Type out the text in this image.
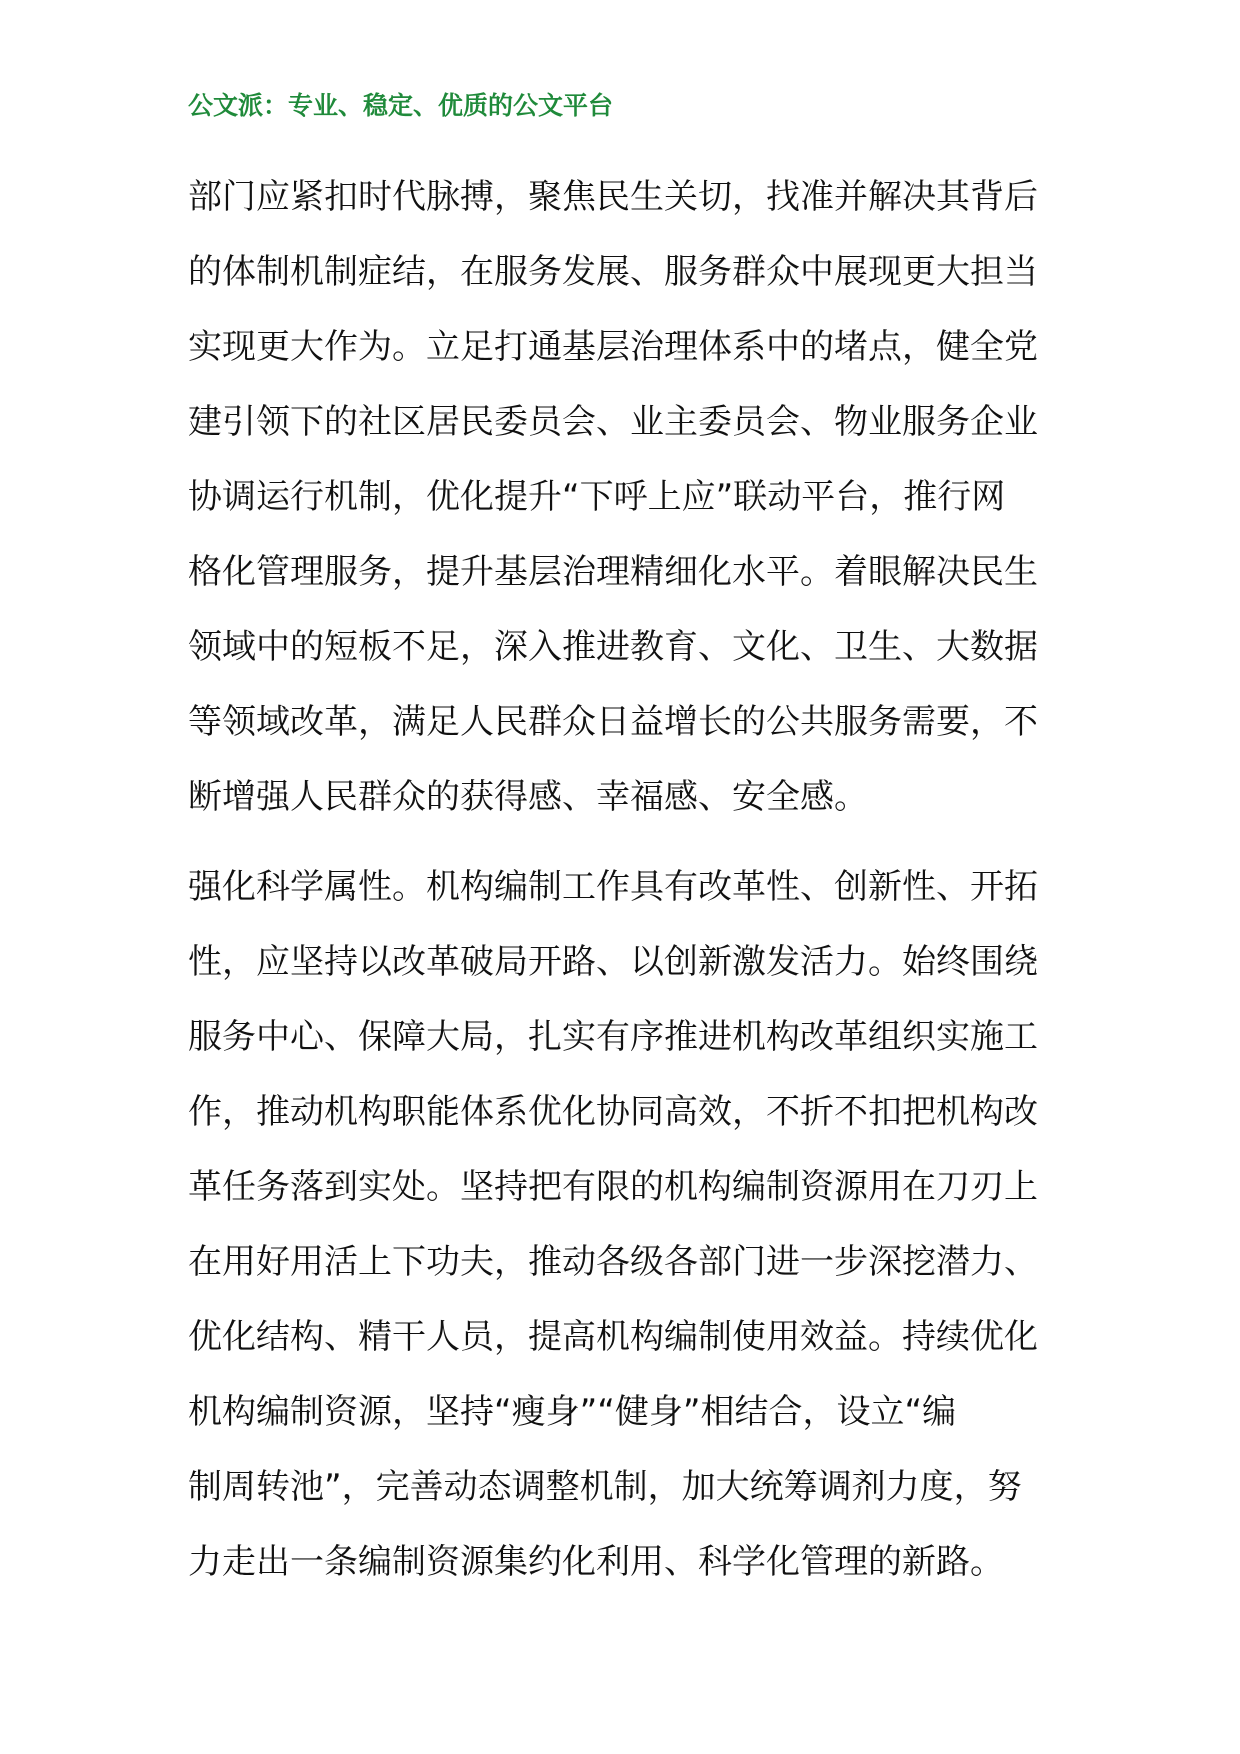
公文派：专业、稳定、优质的公文平台
部门应紧扣时代脉搏，聚焦民生关切，找准并解决其背后
的体制机制症结，在服务发展、服务群众中展现更大担当
实现更大作为。立足打通基层治理体系中的堵点，健全党
建引领下的社区居民委员会、业主委员会、物业服务企业
协调运行机制，优化提升“下呼上应”联动平台，推行网
格化管理服务，提升基层治理精细化水平。着眼解决民生
领域中的短板不足，深入推进教育、文化、卫生、大数据
等领域改革，满足人民群众日益增长的公共服务需要，不
断增强人民群众的获得感、幸福感、安全感。
强化科学属性。机构编制工作具有改革性、创新性、开拓
性，应坚持以改革破局开路、以创新激发活力。始终围绕
服务中心、保障大局，扎实有序推进机构改革组织实施工
作，推动机构职能体系优化协同高效，不折不扣把机构改
革任务落到实处。坚持把有限的机构编制资源用在刀刃上
在用好用活上下功夫，推动各级各部门进一步深挖潜力、
优化结构、精干人员，提高机构编制使用效益。持续优化
机构编制资源，坚持“瘦身”“健身”相结合，设立“编
制周转池”，完善动态调整机制，加大统筹调剂力度，努
力走出一条编制资源集约化利用、科学化管理的新路。
